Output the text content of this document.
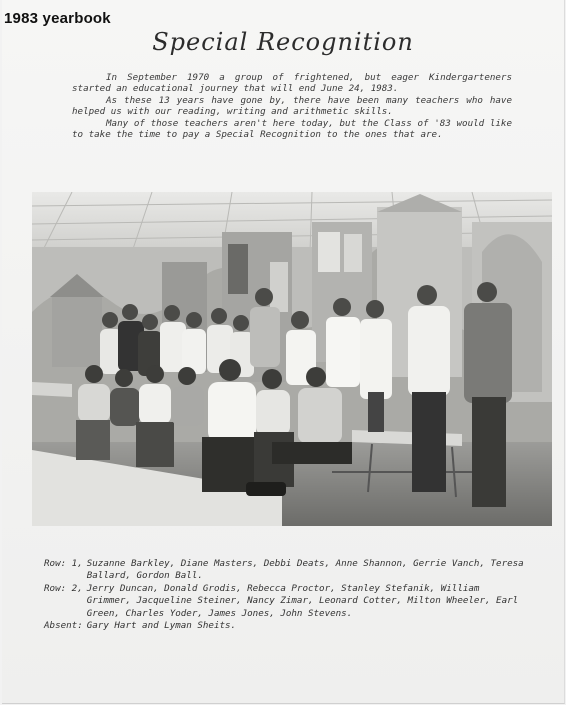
1983 yearbook
Special Recognition

In September 1970 a group of frightened, but eager Kindergarteners started an educational journey that will end June 24, 1983.

As these 13 years have gone by, there have been many teachers who have helped us with our reading, writing and arithmetic skills.

Many of those teachers aren't here today, but the Class of '83 would like to take the time to pay a Special Recognition to the ones that are.

Row: 1, Suzanne Barkley, Diane Masters, Debbi Deats, Anne Shannon, Gerrie Vanch, Teresa Ballard, Gordon Ball.
Row: 2, Jerry Duncan, Donald Grodis, Rebecca Proctor, Stanley Stefanik, William Grimmer, Jacqueline Steiner, Nancy Zimar, Leonard Cotter, Milton Wheeler, Earl Green, Charles Yoder, James Jones, John Stevens.
Absent: Gary Hart and Lyman Sheits.
